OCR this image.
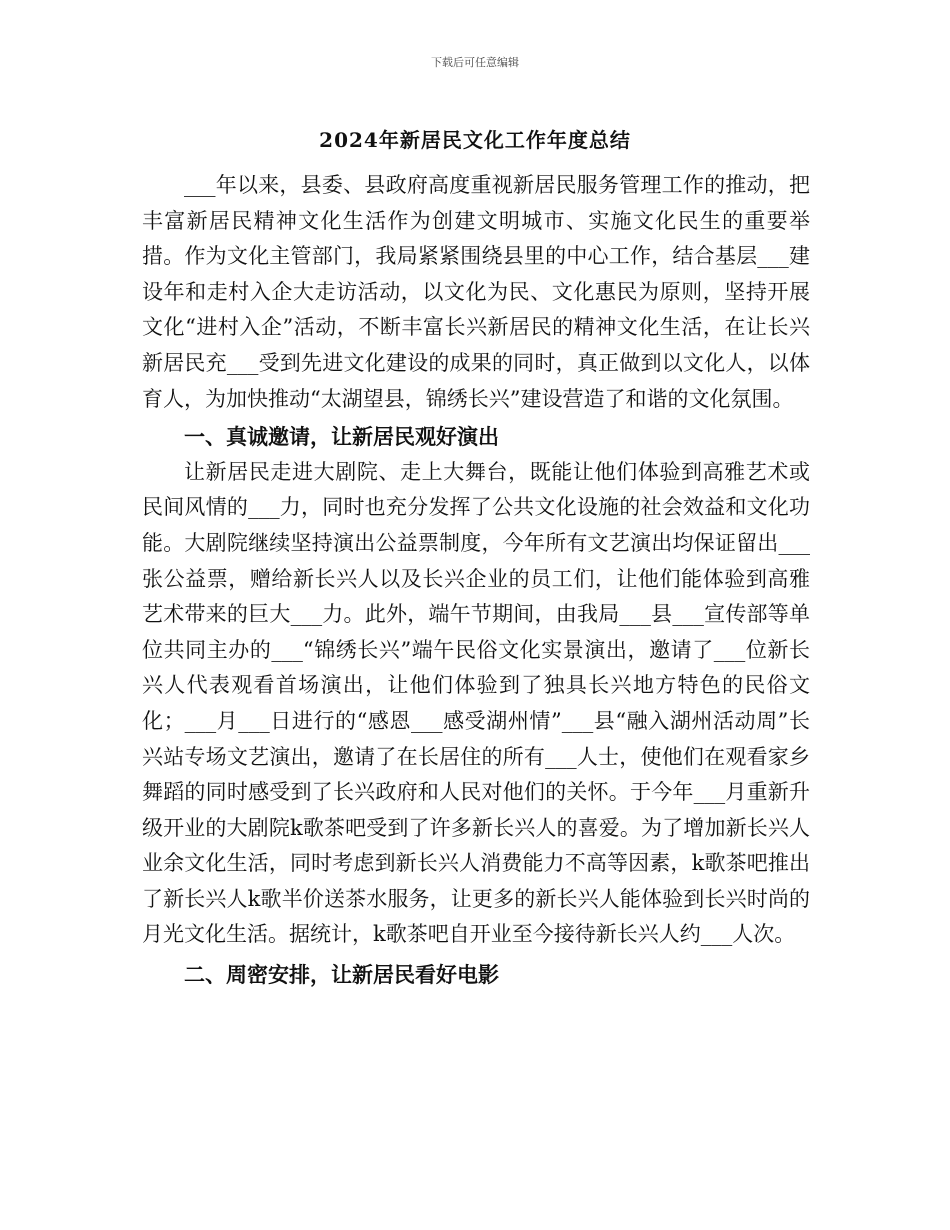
下载后可任意编辑
2024年新居民文化工作年度总结

___年以来，县委、县政府高度重视新居民服务管理工作的推动，把丰富新居民精神文化生活作为创建文明城市、实施文化民生的重要举措。作为文化主管部门，我局紧紧围绕县里的中心工作，结合基层___建设年和走村入企大走访活动，以文化为民、文化惠民为原则，坚持开展文化“进村入企”活动，不断丰富长兴新居民的精神文化生活，在让长兴新居民充___受到先进文化建设的成果的同时，真正做到以文化人，以体育人，为加快推动“太湖望县，锦绣长兴”建设营造了和谐的文化氛围。

一、真诚邀请，让新居民观好演出

让新居民走进大剧院、走上大舞台，既能让他们体验到高雅艺术或民间风情的___力，同时也充分发挥了公共文化设施的社会效益和文化功能。大剧院继续坚持演出公益票制度，今年所有文艺演出均保证留出___张公益票，赠给新长兴人以及长兴企业的员工们，让他们能体验到高雅艺术带来的巨大___力。此外，端午节期间，由我局___县___宣传部等单位共同主办的___“锦绣长兴”端午民俗文化实景演出，邀请了___位新长兴人代表观看首场演出，让他们体验到了独具长兴地方特色的民俗文化；___月___日进行的“感恩___感受湖州情”___县“融入湖州活动周”长兴站专场文艺演出，邀请了在长居住的所有___人士，使他们在观看家乡舞蹈的同时感受到了长兴政府和人民对他们的关怀。于今年___月重新升级开业的大剧院k歌茶吧受到了许多新长兴人的喜爱。为了增加新长兴人业余文化生活，同时考虑到新长兴人消费能力不高等因素，k歌茶吧推出了新长兴人k歌半价送茶水服务，让更多的新长兴人能体验到长兴时尚的月光文化生活。据统计，k歌茶吧自开业至今接待新长兴人约___人次。

二、周密安排，让新居民看好电影
